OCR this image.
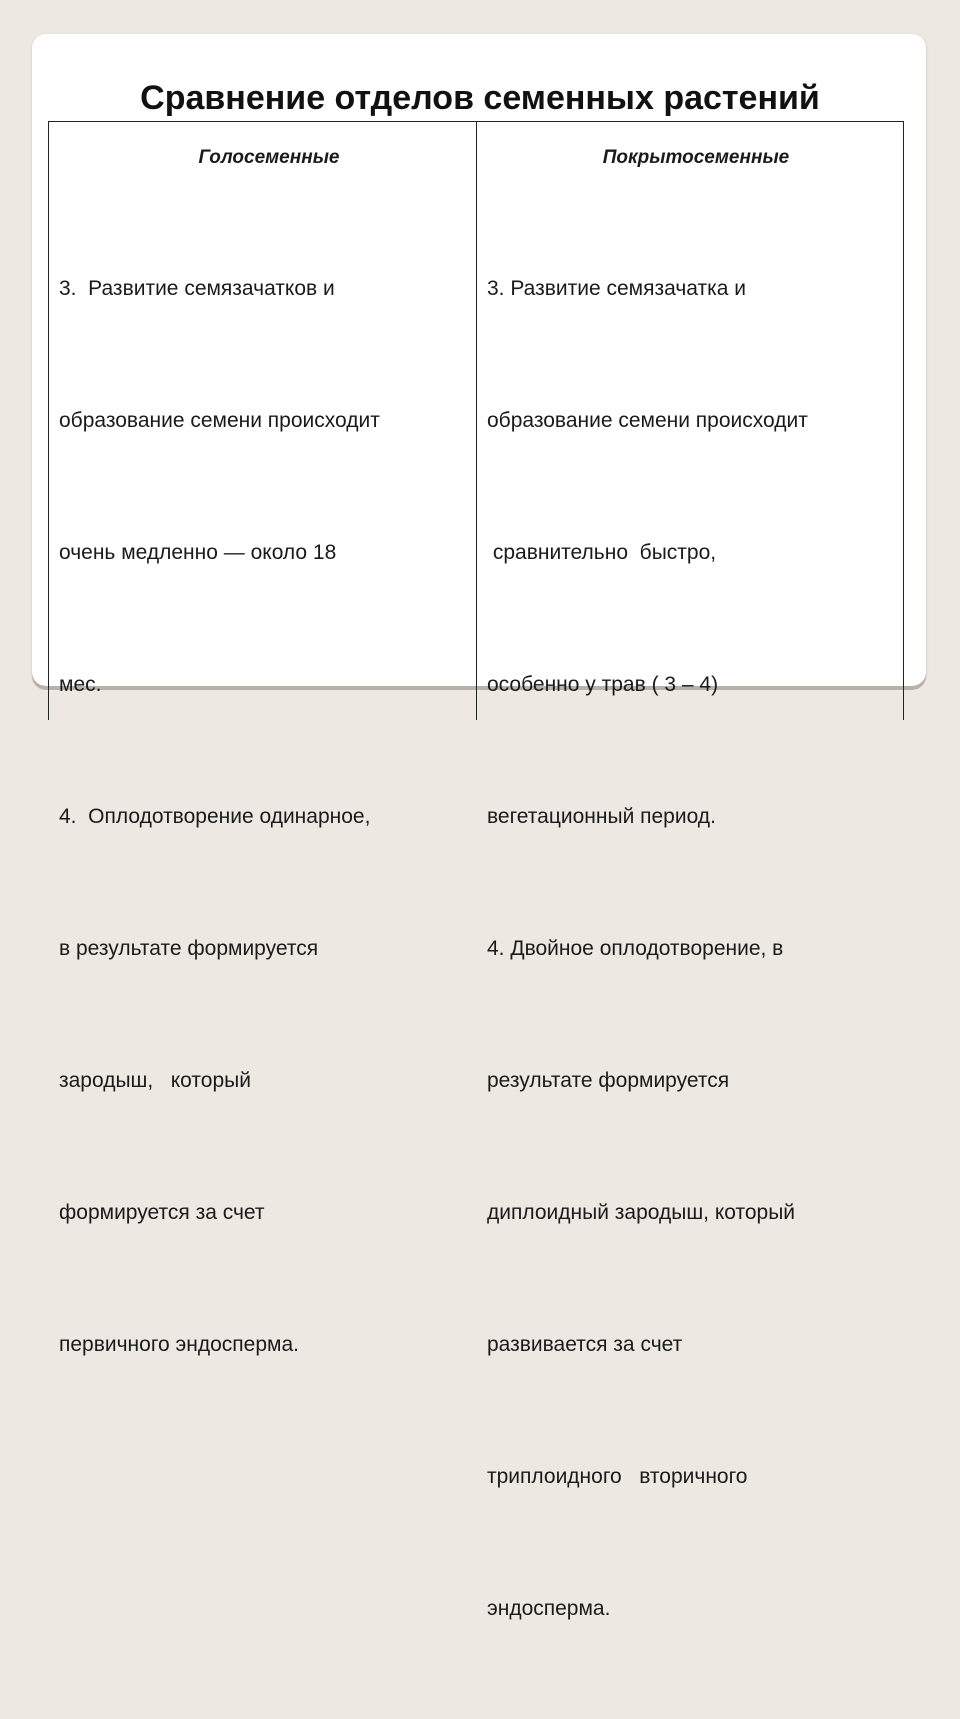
Сравнение отделов семенных растений
Голосеменные

3.  Развитие семязачатков и

образование семени происходит

очень медленно — около 18

мес.

4.  Оплодотворение одинарное,

в результате формируется

зародыш,   который

формируется за счет

первичного эндосперма.

Покрытосеменные

3. Развитие семязачатка и

образование семени происходит

сравнительно  быстро,

особенно у трав ( 3 – 4)

вегетационный период.

4. Двойное оплодотворение, в

результате формируется

диплоидный зародыш, который

развивается за счет

триплоидного   вторичного

эндосперма.
